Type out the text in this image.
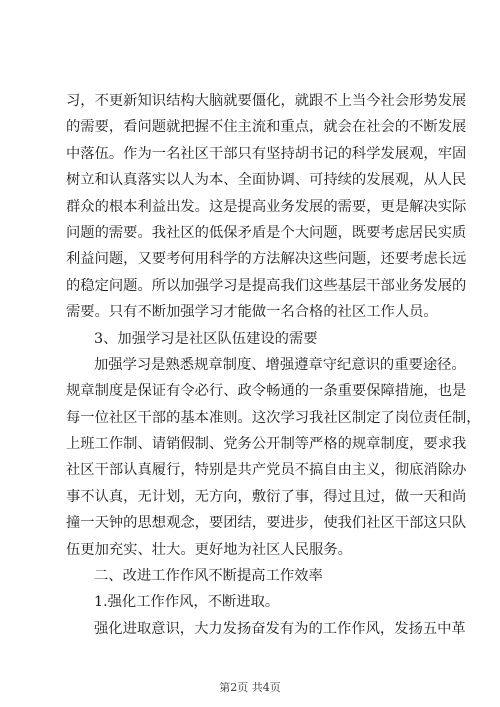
习，不更新知识结构大脑就要僵化，就跟不上当今社会形势发展
的需要，看问题就把握不住主流和重点，就会在社会的不断发展
中落伍。作为一名社区干部只有坚持胡书记的科学发展观，牢固
树立和认真落实以人为本、全面协调、可持续的发展观，从人民
群众的根本利益出发。这是提高业务发展的需要，更是解决实际
问题的需要。我社区的低保矛盾是个大问题，既要考虑居民实质
利益问题，又要考何用科学的方法解决这些问题，还要考虑长远
的稳定问题。所以加强学习是提高我们这些基层干部业务发展的
需要。只有不断加强学习才能做一名合格的社区工作人员。
3、加强学习是社区队伍建设的需要
加强学习是熟悉规章制度、增强遵章守纪意识的重要途径。
规章制度是保证有令必行、政令畅通的一条重要保障措施，也是
每一位社区干部的基本准则。这次学习我社区制定了岗位责任制，
上班工作制、请销假制、党务公开制等严格的规章制度，要求我
社区干部认真履行，特别是共产党员不搞自由主义，彻底消除办
事不认真，无计划，无方向，敷衍了事，得过且过，做一天和尚
撞一天钟的思想观念，要团结，要进步，使我们社区干部这只队
伍更加充实、壮大。更好地为社区人民服务。
二、改进工作作风不断提高工作效率
1.强化工作作风，不断进取。
强化进取意识，大力发扬奋发有为的工作作风，发扬五中革
第2页 共4页
